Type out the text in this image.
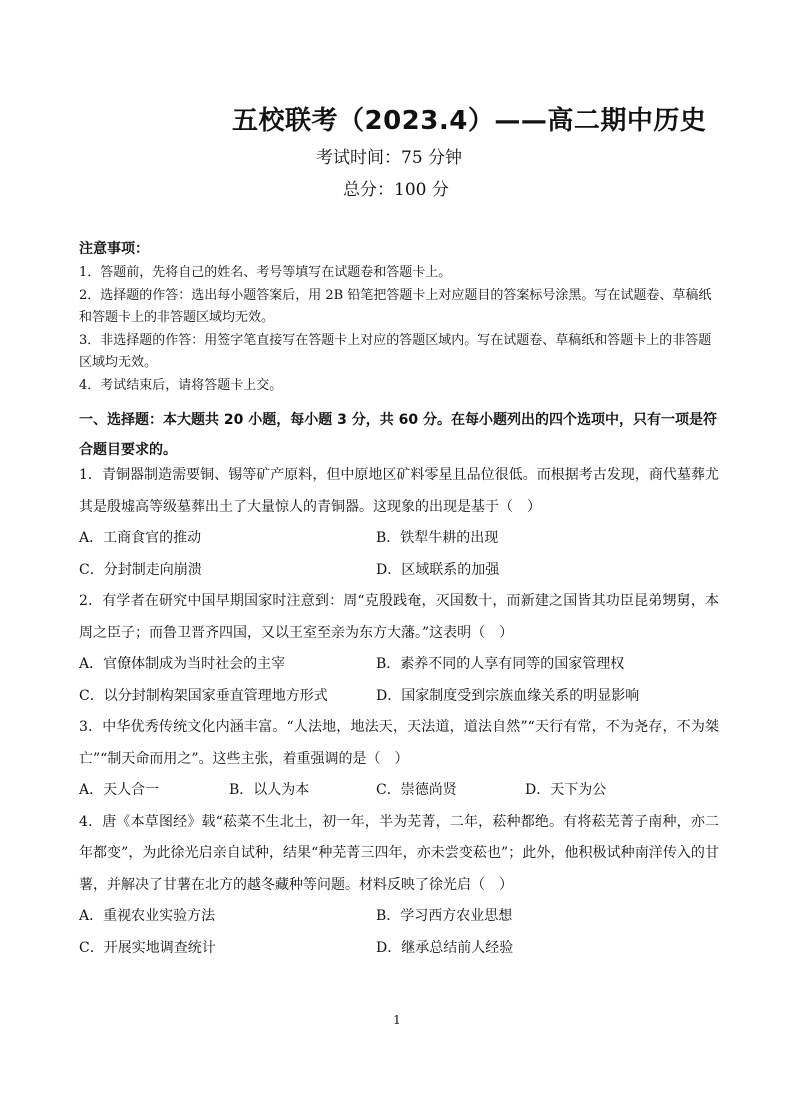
五校联考（2023.4）——高二期中历史
考试时间：75 分钟
总分：100 分
注意事项：

1．答题前，先将自己的姓名、考号等填写在试题卷和答题卡上。

2．选择题的作答：选出每小题答案后，用 2B 铅笔把答题卡上对应题目的答案标号涂黑。写在试题卷、草稿纸和答题卡上的非答题区域均无效。

3．非选择题的作答：用签字笔直接写在答题卡上对应的答题区域内。写在试题卷、草稿纸和答题卡上的非答题区域均无效。

4．考试结束后，请将答题卡上交。

一、选择题：本大题共 20 小题，每小题 3 分，共 60 分。在每小题列出的四个选项中，只有一项是符合题目要求的。

1．青铜器制造需要铜、锡等矿产原料，但中原地区矿料零星且品位很低。而根据考古发现，商代墓葬尤其是殷墟高等级墓葬出土了大量惊人的青铜器。这现象的出现是基于（　）

A．工商食官的推动	B．铁犁牛耕的出现
C．分封制走向崩溃	D．区域联系的加强

2．有学者在研究中国早期国家时注意到：周“克殷践奄，灭国数十，而新建之国皆其功臣昆弟甥舅，本周之臣子；而鲁卫晋齐四国，又以王室至亲为东方大藩。”这表明（　）

A．官僚体制成为当时社会的主宰	B．素养不同的人享有同等的国家管理权
C．以分封制构架国家垂直管理地方形式	D．国家制度受到宗族血缘关系的明显影响

3．中华优秀传统文化内涵丰富。“人法地，地法天，天法道，道法自然”“天行有常，不为尧存，不为桀亡”“制天命而用之”。这些主张，着重强调的是（　）

A．天人合一	B．以人为本	C．崇德尚贤	D．天下为公

4．唐《本草图经》载“菘菜不生北土，初一年，半为芜菁，二年，菘种都绝。有将菘芜菁子南种，亦二年都变”，为此徐光启亲自试种，结果“种芜菁三四年，亦未尝变菘也”；此外，他积极试种南洋传入的甘薯，并解决了甘薯在北方的越冬藏种等问题。材料反映了徐光启（　）

A．重视农业实验方法	B．学习西方农业思想
C．开展实地调查统计	D．继承总结前人经验
1
